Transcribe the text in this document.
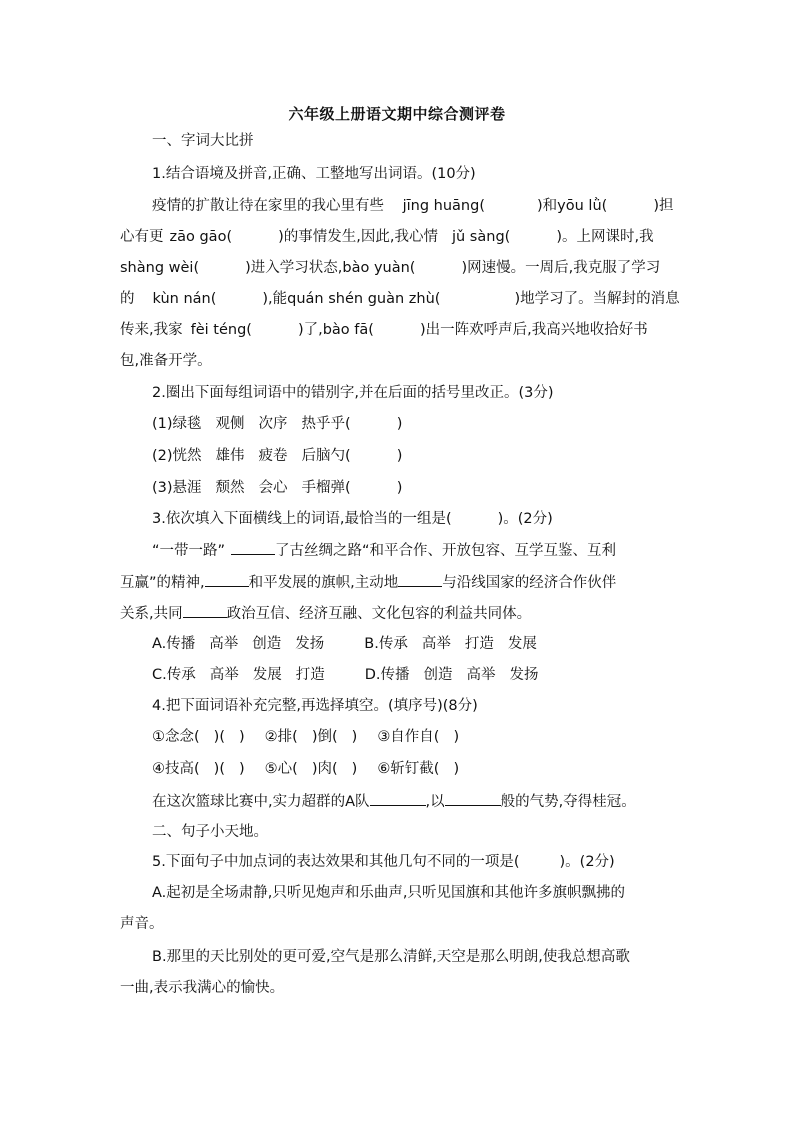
六年级上册语文期中综合测评卷
一、字词大比拼
1.结合语境及拼音,正确、工整地写出词语。(10分)
疫情的扩散让待在家里的我心里有些 jīng huāng(	)和yōu lǜ(	)担
心有更 zāo gāo(	)的事情发生,因此,我心情 jǔ sàng(	)。上网课时,我
shàng wèi(	)进入学习状态,bào yuàn(	)网速慢。一周后,我克服了学习
的 kùn nán(	),能quán shén guàn zhù(	)地学习了。当解封的消息
传来,我家 fèi téng(	)了,bào fā(	)出一阵欢呼声后,我高兴地收拾好书
包,准备开学。
2.圈出下面每组词语中的错别字,并在后面的括号里改正。(3分)
(1)绿毯 观侧 次序 热乎乎(	)
(2)恍然 雄伟 疲卷 后脑勺(	)
(3)悬涯 颓然 会心 手榴弹(	)
3.依次填入下面横线上的词语,最恰当的一组是(	)。(2分)
“一带一路”	了古丝绸之路“和平合作、开放包容、互学互鉴、互利
互赢”的精神,	和平发展的旗帜,主动地	与沿线国家的经济合作伙伴
关系,共同	政治互信、经济互融、文化包容的利益共同体。
A.传播 高举 创造 发扬	B.传承 高举 打造 发展
C.传承 高举 发展 打造	D.传播 创造 高举 发扬
4.把下面词语补充完整,再选择填空。(填序号)(8分)
①念念( )( ) ②排( )倒( ) ③自作自( )
④技高( )( ) ⑤心( )肉( ) ⑥斩钉截( )
在这次篮球比赛中,实力超群的A队	,以	般的气势,夺得桂冠。
二、句子小天地。
5.下面句子中加点词的表达效果和其他几句不同的一项是(	)。(2分)
A.起初是全场肃静,只听见炮声和乐曲声,只听见国旗和其他许多旗帜飘拂的
声音。
B.那里的天比别处的更可爱,空气是那么清鲜,天空是那么明朗,使我总想高歌
一曲,表示我满心的愉快。
